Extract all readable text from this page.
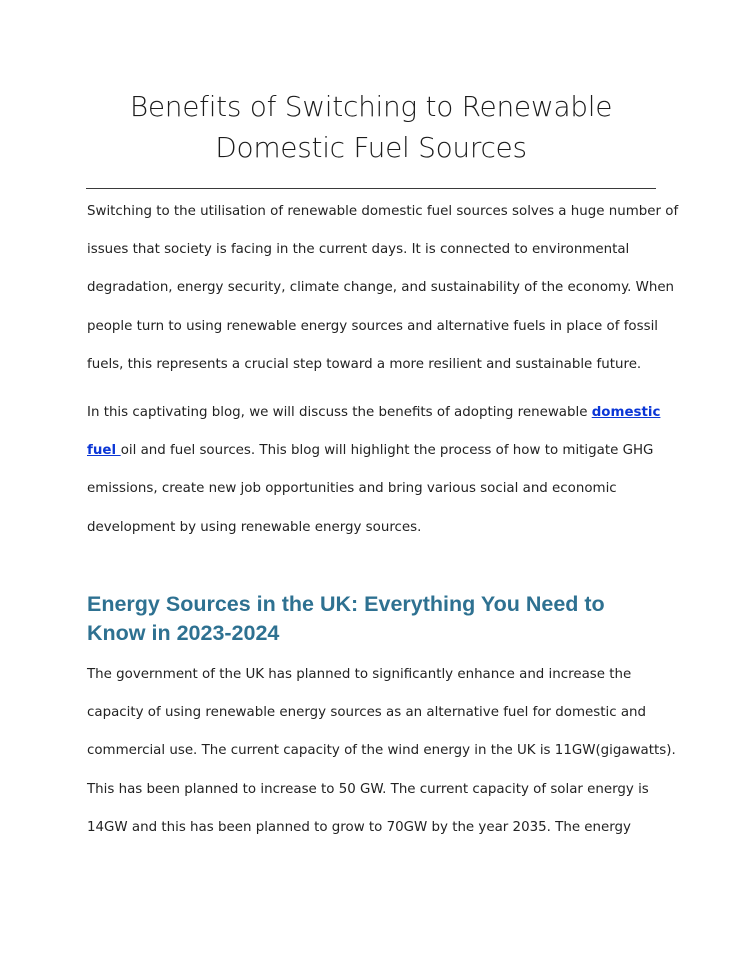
Benefits of Switching to Renewable
Domestic Fuel Sources

Switching to the utilisation of renewable domestic fuel sources solves a huge number of
issues that society is facing in the current days. It is connected to environmental
degradation, energy security, climate change, and sustainability of the economy. When
people turn to using renewable energy sources and alternative fuels in place of fossil
fuels, this represents a crucial step toward a more resilient and sustainable future.

In this captivating blog, we will discuss the benefits of adopting renewable domestic
fuel oil and fuel sources. This blog will highlight the process of how to mitigate GHG
emissions, create new job opportunities and bring various social and economic
development by using renewable energy sources.

Energy Sources in the UK: Everything You Need to
Know in 2023-2024

The government of the UK has planned to significantly enhance and increase the
capacity of using renewable energy sources as an alternative fuel for domestic and
commercial use. The current capacity of the wind energy in the UK is 11GW(gigawatts).
This has been planned to increase to 50 GW. The current capacity of solar energy is
14GW and this has been planned to grow to 70GW by the year 2035. The energy
